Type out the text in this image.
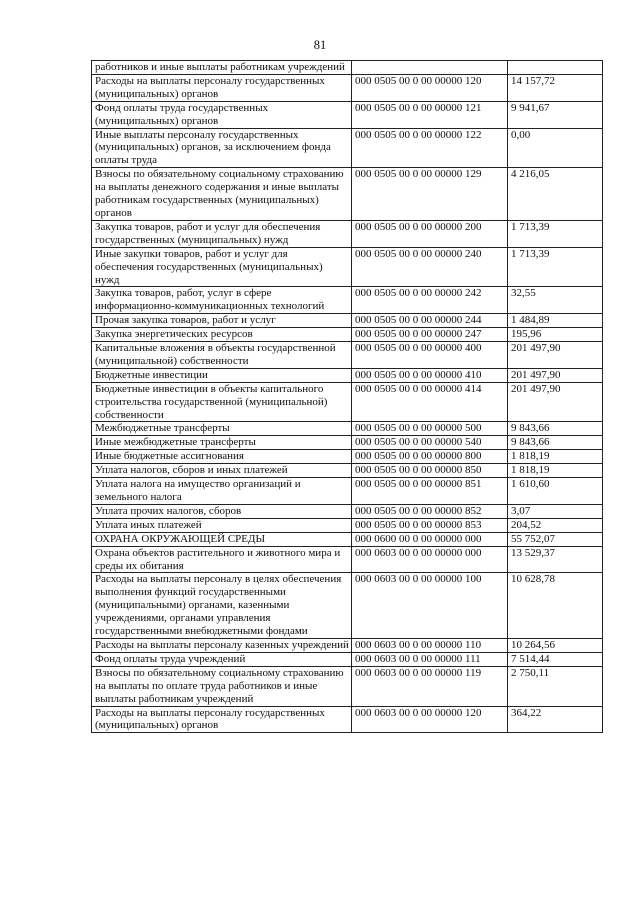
81
работников и иные выплаты работникам учреждений		
Расходы на выплаты персоналу государственных (муниципальных) органов	000 0505 00 0 00 00000 120	14 157,72
Фонд оплаты труда государственных (муниципальных) органов	000 0505 00 0 00 00000 121	9 941,67
Иные выплаты персоналу государственных (муниципальных) органов, за исключением фонда оплаты труда	000 0505 00 0 00 00000 122	0,00
Взносы по обязательному социальному страхованию на выплаты денежного содержания и иные выплаты работникам государственных (муниципальных) органов	000 0505 00 0 00 00000 129	4 216,05
Закупка товаров, работ и услуг для обеспечения государственных (муниципальных) нужд	000 0505 00 0 00 00000 200	1 713,39
Иные закупки товаров, работ и услуг для обеспечения государственных (муниципальных) нужд	000 0505 00 0 00 00000 240	1 713,39
Закупка товаров, работ, услуг в сфере информационно-коммуникационных технологий	000 0505 00 0 00 00000 242	32,55
Прочая закупка товаров, работ и услуг	000 0505 00 0 00 00000 244	1 484,89
Закупка энергетических ресурсов	000 0505 00 0 00 00000 247	195,96
Капитальные вложения в объекты государственной (муниципальной) собственности	000 0505 00 0 00 00000 400	201 497,90
Бюджетные инвестиции	000 0505 00 0 00 00000 410	201 497,90
Бюджетные инвестиции в объекты капитального строительства государственной (муниципальной) собственности	000 0505 00 0 00 00000 414	201 497,90
Межбюджетные трансферты	000 0505 00 0 00 00000 500	9 843,66
Иные межбюджетные трансферты	000 0505 00 0 00 00000 540	9 843,66
Иные бюджетные ассигнования	000 0505 00 0 00 00000 800	1 818,19
Уплата налогов, сборов и иных платежей	000 0505 00 0 00 00000 850	1 818,19
Уплата налога на имущество организаций и земельного налога	000 0505 00 0 00 00000 851	1 610,60
Уплата прочих налогов, сборов	000 0505 00 0 00 00000 852	3,07
Уплата иных платежей	000 0505 00 0 00 00000 853	204,52
ОХРАНА ОКРУЖАЮЩЕЙ СРЕДЫ	000 0600 00 0 00 00000 000	55 752,07
Охрана объектов растительного и животного мира и среды их обитания	000 0603 00 0 00 00000 000	13 529,37
Расходы на выплаты персоналу в целях обеспечения выполнения функций государственными (муниципальными) органами, казенными учреждениями, органами управления государственными внебюджетными фондами	000 0603 00 0 00 00000 100	10 628,78
Расходы на выплаты персоналу казенных учреждений	000 0603 00 0 00 00000 110	10 264,56
Фонд оплаты труда учреждений	000 0603 00 0 00 00000 111	7 514,44
Взносы по обязательному социальному страхованию на выплаты по оплате труда работников и иные выплаты работникам учреждений	000 0603 00 0 00 00000 119	2 750,11
Расходы на выплаты персоналу государственных (муниципальных) органов	000 0603 00 0 00 00000 120	364,22
